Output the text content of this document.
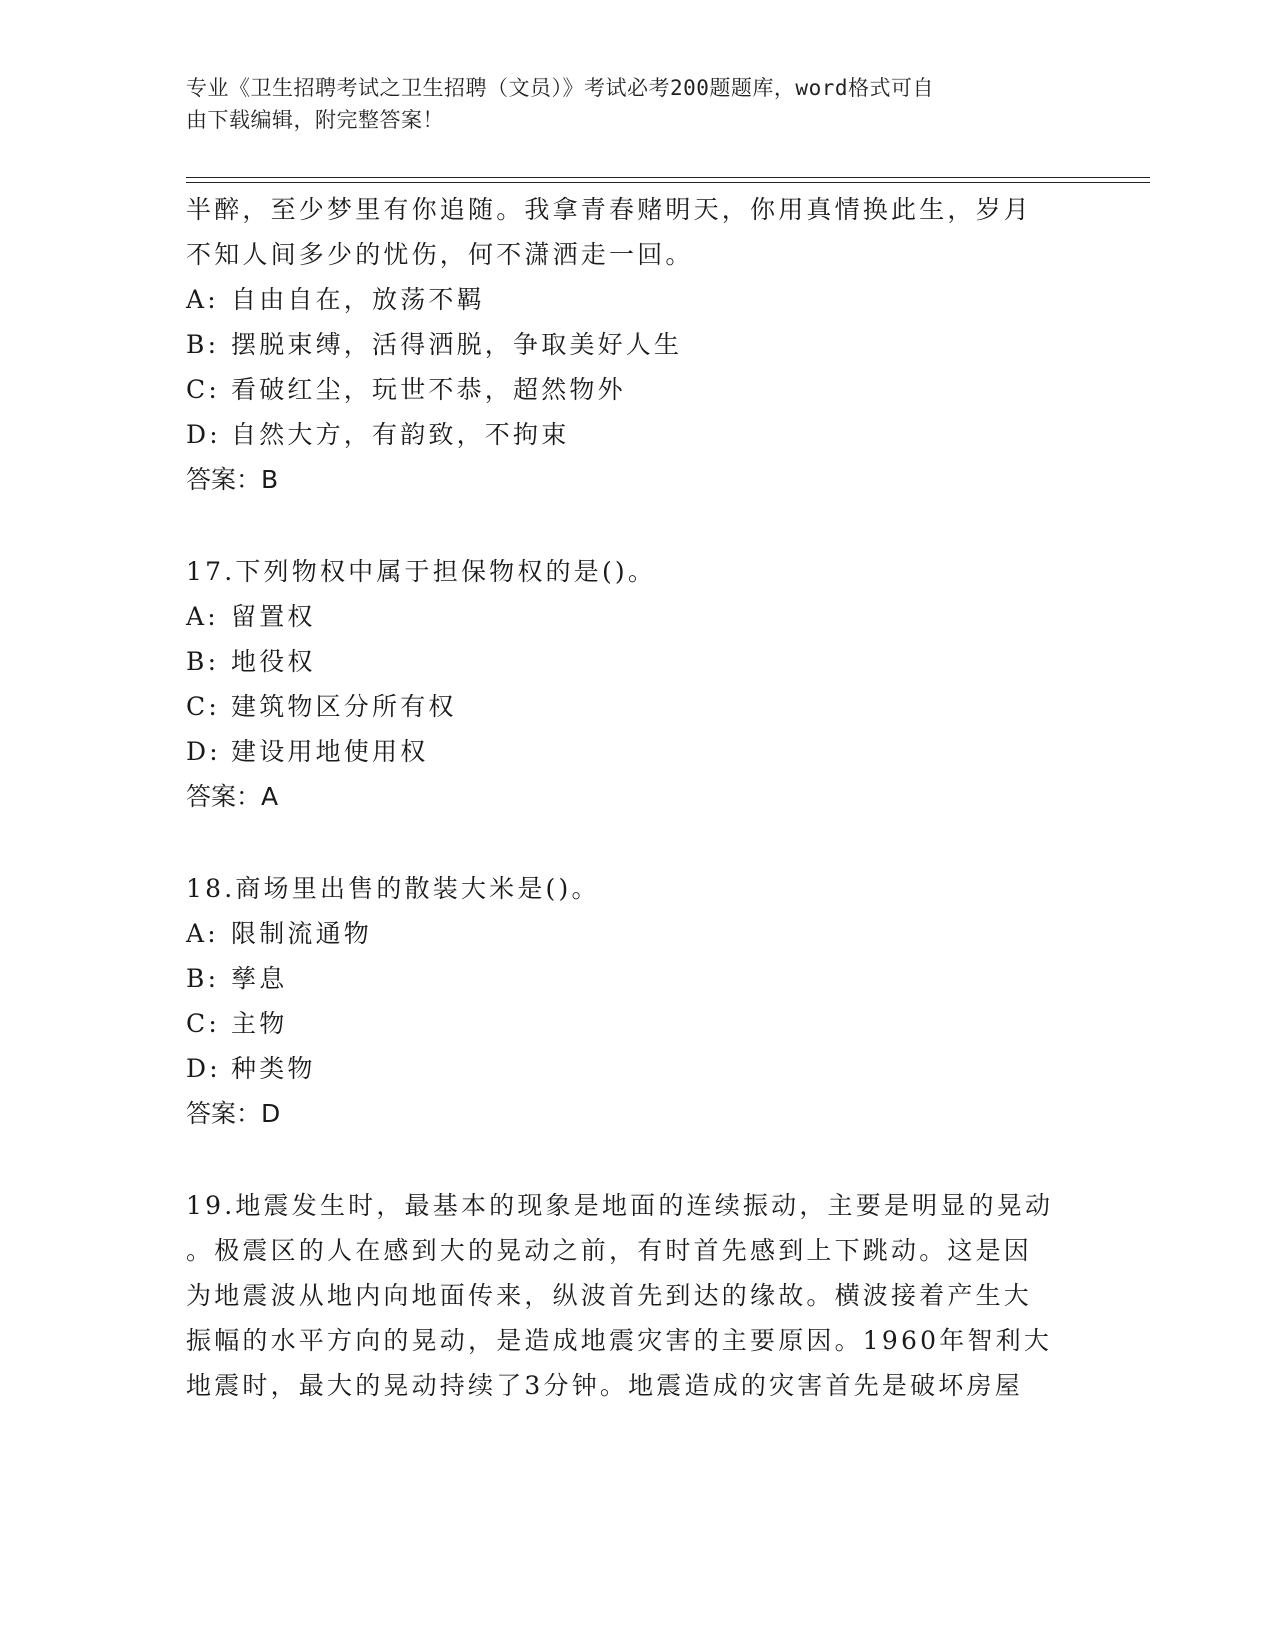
专业《卫生招聘考试之卫生招聘（文员）》考试必考200题题库，word格式可自
由下载编辑，附完整答案！
半醉，至少梦里有你追随。我拿青春赌明天，你用真情换此生，岁月
不知人间多少的忧伤，何不潇洒走一回。
A: 自由自在，放荡不羁
B: 摆脱束缚，活得洒脱，争取美好人生
C: 看破红尘，玩世不恭，超然物外
D: 自然大方，有韵致，不拘束
答案：B
17.下列物权中属于担保物权的是()。
A: 留置权
B: 地役权
C: 建筑物区分所有权
D: 建设用地使用权
答案：A
18.商场里出售的散装大米是()。
A: 限制流通物
B: 孳息
C: 主物
D: 种类物
答案：D
19.地震发生时，最基本的现象是地面的连续振动，主要是明显的晃动
。极震区的人在感到大的晃动之前，有时首先感到上下跳动。这是因
为地震波从地内向地面传来，纵波首先到达的缘故。横波接着产生大
振幅的水平方向的晃动，是造成地震灾害的主要原因。1960年智利大
地震时，最大的晃动持续了3分钟。地震造成的灾害首先是破坏房屋
